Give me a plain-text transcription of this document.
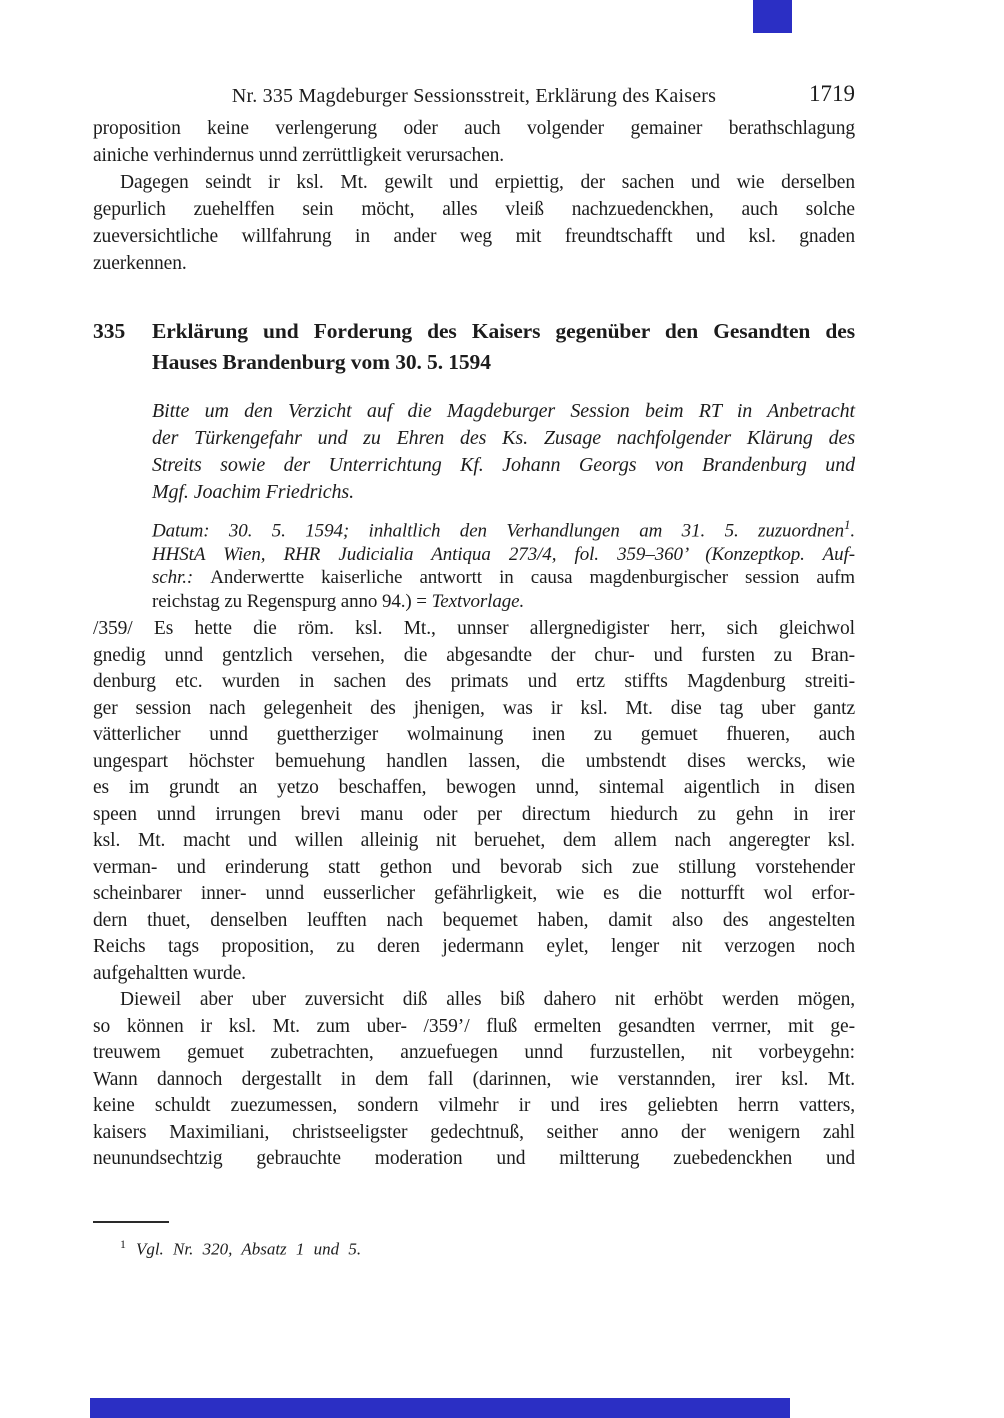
Nr. 335 Magdeburger Sessionsstreit, Erklärung des Kaisers	1719
proposition keine verlengerung oder auch volgender gemainer berathschlagung
ainiche verhindernus unnd zerrüttligkeit verursachen.
Dagegen seindt ir ksl. Mt. gewilt und erpiettig, der sachen und wie derselben
gepurlich zuehelffen sein möcht, alles vleiß nachzuedenckhen, auch solche
zueversichtliche willfahrung in ander weg mit freundtschafft und ksl. gnaden
zuerkennen.
335 Erklärung und Forderung des Kaisers gegenüber den Gesandten des
Hauses Brandenburg vom 30. 5. 1594
Bitte um den Verzicht auf die Magdeburger Session beim RT in Anbetracht
der Türkengefahr und zu Ehren des Ks. Zusage nachfolgender Klärung des
Streits sowie der Unterrichtung Kf. Johann Georgs von Brandenburg und
Mgf. Joachim Friedrichs.
Datum: 30. 5. 1594; inhaltlich den Verhandlungen am 31. 5. zuzuordnen$^1$.
HHStA Wien, RHR Judicialia Antiqua 273/4, fol. 359–360’ (Konzeptkop. Auf-
schr.: Anderwertte kaiserliche antwortt in causa magdenburgischer session aufm
reichstag zu Regenspurg anno 94.) = Textvorlage.
/359/ Es hette die röm. ksl. Mt., unnser allergnedigister herr, sich gleichwol
gnedig unnd gentzlich versehen, die abgesandte der chur- und fursten zu Bran-
denburg etc. wurden in sachen des primats und ertz stiffts Magdenburg streiti-
ger session nach gelegenheit des jhenigen, was ir ksl. Mt. dise tag uber gantz
vätterlicher unnd guettherziger wolmainung inen zu gemuet fhueren, auch
ungespart höchster bemuehung handlen lassen, die umbstendt dises wercks, wie
es im grundt an yetzo beschaffen, bewogen unnd, sintemal aigentlich in disen
speen unnd irrungen brevi manu oder per directum hiedurch zu gehn in irer
ksl. Mt. macht und willen alleinig nit beruehet, dem allem nach angeregter ksl.
verman- und erinderung statt gethon und bevorab sich zue stillung vorstehender
scheinbarer inner- unnd eusserlicher gefährligkeit, wie es die notturfft wol erfor-
dern thuet, denselben leufften nach bequemet haben, damit also des angestelten
Reichs tags proposition, zu deren jedermann eylet, lenger nit verzogen noch
aufgehaltten wurde.
Dieweil aber uber zuversicht diß alles biß dahero nit erhöbt werden mögen,
so können ir ksl. Mt. zum uber- /359’/ fluß ermelten gesandten verrner, mit ge-
treuwem gemuet zubetrachten, anzuefuegen unnd furzustellen, nit vorbeygehn:
Wann dannoch dergestallt in dem fall (darinnen, wie verstannden, irer ksl. Mt.
keine schuldt zuezumessen, sondern vilmehr ir und ires geliebten herrn vatters,
kaisers Maximiliani, christseeligster gedechtnuß, seither anno der wenigern zahl
neunundsechtzig gebrauchte moderation und miltterung zuebedenckhen und
$^1$ Vgl. Nr. 320, Absatz 1 und 5.
